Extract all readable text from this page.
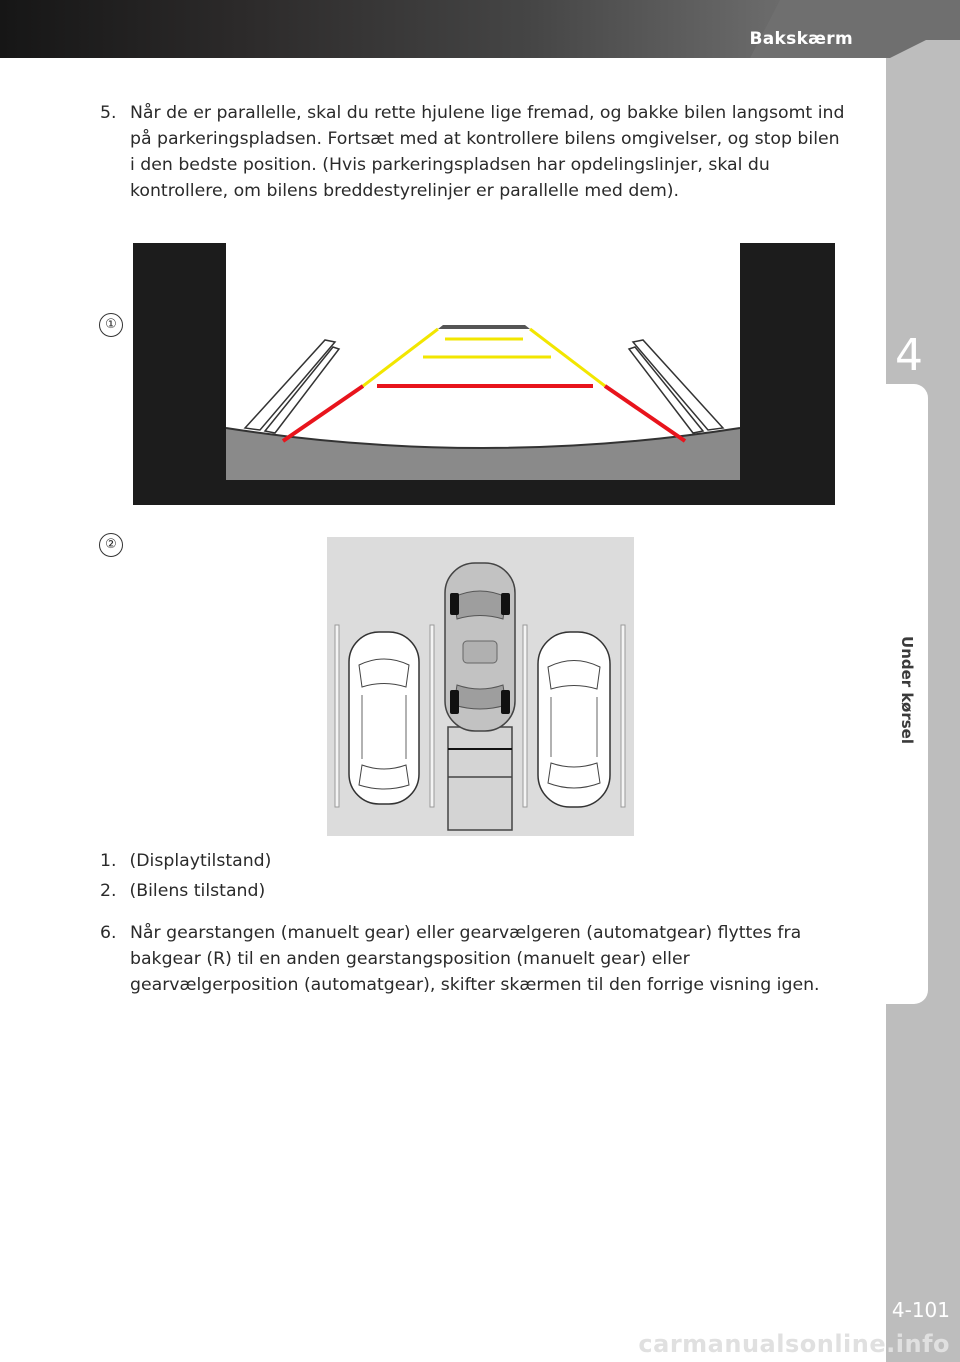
Bakskærm
4
Under kørsel
5. Når de er parallelle, skal du rette hjulene lige fremad, og bakke bilen langsomt ind på parkeringspladsen. Fortsæt med at kontrollere bilens omgivelser, og stop bilen i den bedste position. (Hvis parkeringspladsen har opdelingslinjer, skal du kontrollere, om bilens breddestyrelinjer er parallelle med dem).
①
②
1. (Displaytilstand)
2. (Bilens tilstand)
6. Når gearstangen (manuelt gear) eller gearvælgeren (automatgear) flyttes fra bakgear (R) til en anden gearstangsposition (manuelt gear) eller gearvælgerposition (automatgear), skifter skærmen til den forrige visning igen.
4-101
carmanualsonline.info
